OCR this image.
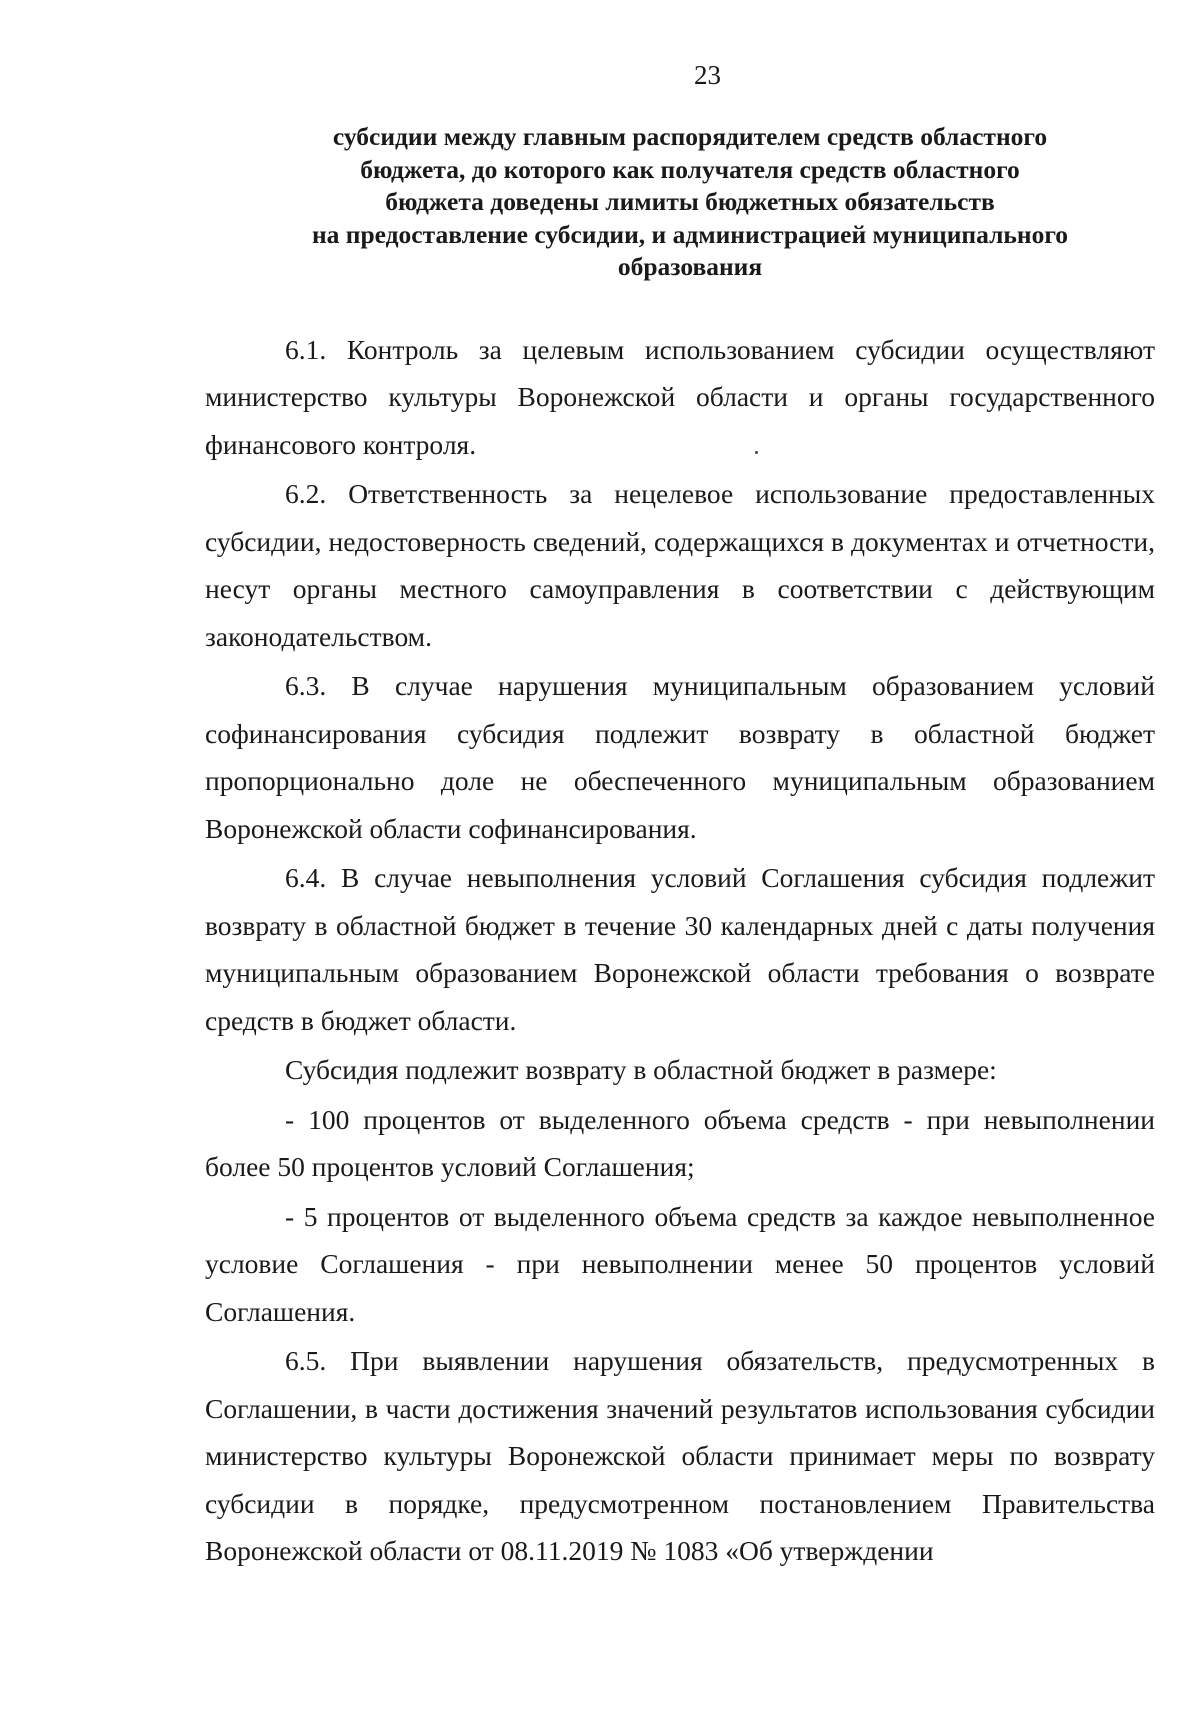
23
субсидии между главным распорядителем средств областного
бюджета, до которого как получателя средств областного
бюджета доведены лимиты бюджетных обязательств
на предоставление субсидии, и администрацией муниципального
образования

6.1. Контроль за целевым использованием субсидии осуществляют министерство культуры Воронежской области и органы государственного финансового контроля.

6.2. Ответственность за нецелевое использование предоставленных субсидии, недостоверность сведений, содержащихся в документах и отчетности, несут органы местного самоуправления в соответствии с действующим законодательством.

6.3. В случае нарушения муниципальным образованием условий софинансирования субсидия подлежит возврату в областной бюджет пропорционально доле не обеспеченного муниципальным образованием Воронежской области софинансирования.

6.4. В случае невыполнения условий Соглашения субсидия подлежит возврату в областной бюджет в течение 30 календарных дней с даты получения муниципальным образованием Воронежской области требования о возврате средств в бюджет области.

Субсидия подлежит возврату в областной бюджет в размере:

- 100 процентов от выделенного объема средств - при невыполнении более 50 процентов условий Соглашения;

- 5 процентов от выделенного объема средств за каждое невыполненное условие Соглашения - при невыполнении менее 50 процентов условий Соглашения.

6.5. При выявлении нарушения обязательств, предусмотренных в Соглашении, в части достижения значений результатов использования субсидии министерство культуры Воронежской области принимает меры по возврату субсидии в порядке, предусмотренном постановлением Правительства Воронежской области от 08.11.2019 № 1083 «Об утверждении
